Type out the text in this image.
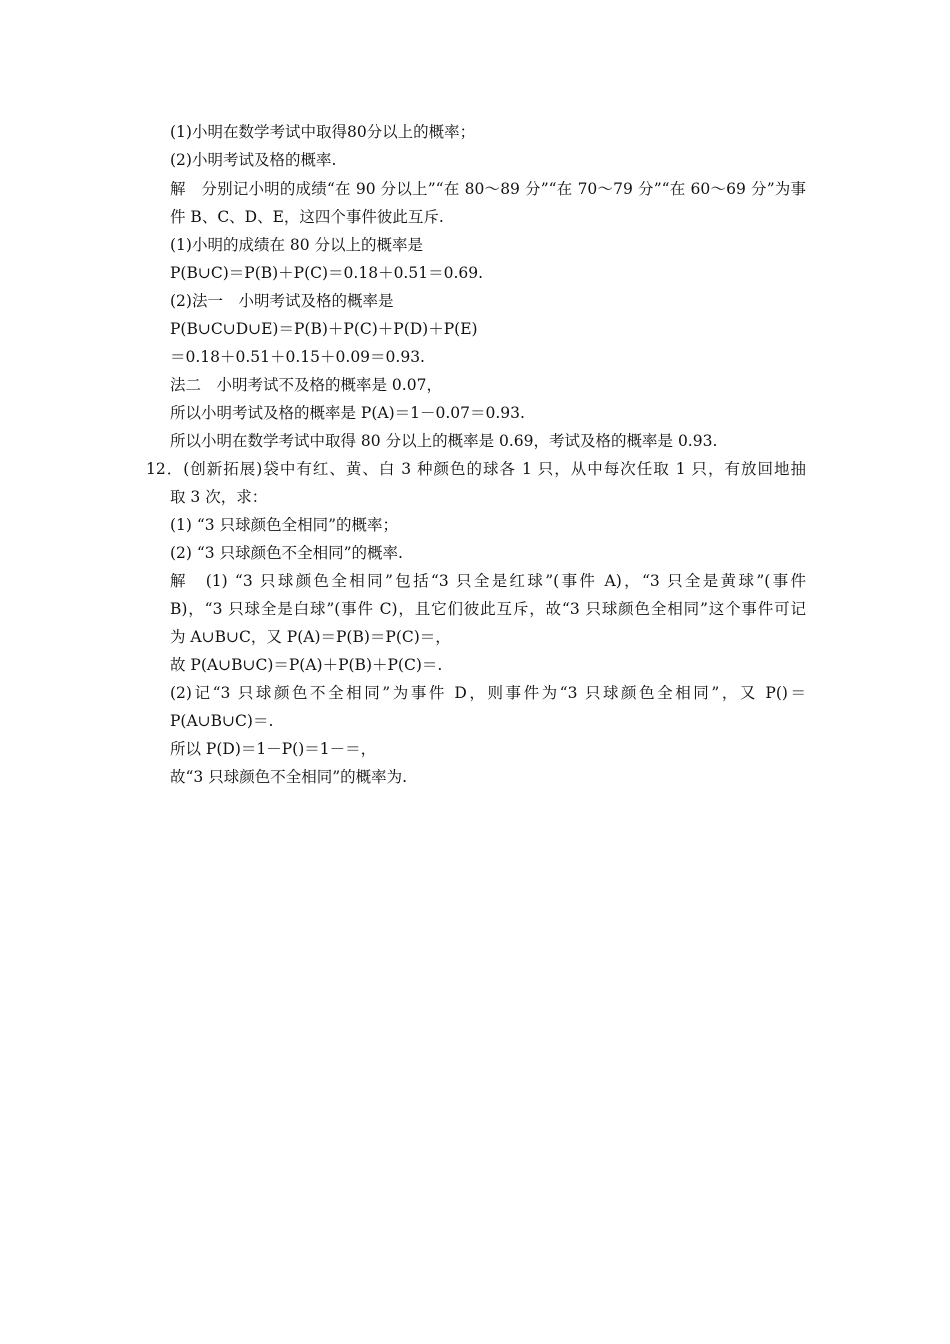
(1)小明在数学考试中取得80分以上的概率；
(2)小明考试及格的概率.
解　分别记小明的成绩“在 90 分以上”“在 80～89 分”“在 70～79 分”“在 60～69 分”为事
件 B、C、D、E，这四个事件彼此互斥.
(1)小明的成绩在 80 分以上的概率是
P(B∪C)＝P(B)＋P(C)＝0.18＋0.51＝0.69.
(2)法一　小明考试及格的概率是
P(B∪C∪D∪E)＝P(B)＋P(C)＋P(D)＋P(E)
＝0.18＋0.51＋0.15＋0.09＝0.93.
法二　小明考试不及格的概率是 0.07，
所以小明考试及格的概率是 P(A)＝1－0.07＝0.93.
所以小明在数学考试中取得 80 分以上的概率是 0.69，考试及格的概率是 0.93.
12．(创新拓展)袋中有红、黄、白 3 种颜色的球各 1 只，从中每次任取 1 只，有放回地抽
取 3 次，求：
(1) “3 只球颜色全相同”的概率；
(2) “3 只球颜色不全相同”的概率.
解　(1) “3 只球颜色全相同”包括“3 只全是红球”(事件 A)，“3 只全是黄球”(事件
B)，“3 只球全是白球”(事件 C)，且它们彼此互斥，故“3 只球颜色全相同”这个事件可记
为 A∪B∪C，又 P(A)＝P(B)＝P(C)＝，
故 P(A∪B∪C)＝P(A)＋P(B)＋P(C)＝.
(2)记“3 只球颜色不全相同”为事件 D，则事件为“3 只球颜色全相同”，又 P()＝
P(A∪B∪C)＝.
所以 P(D)＝1－P()＝1－＝，
故“3 只球颜色不全相同”的概率为.
